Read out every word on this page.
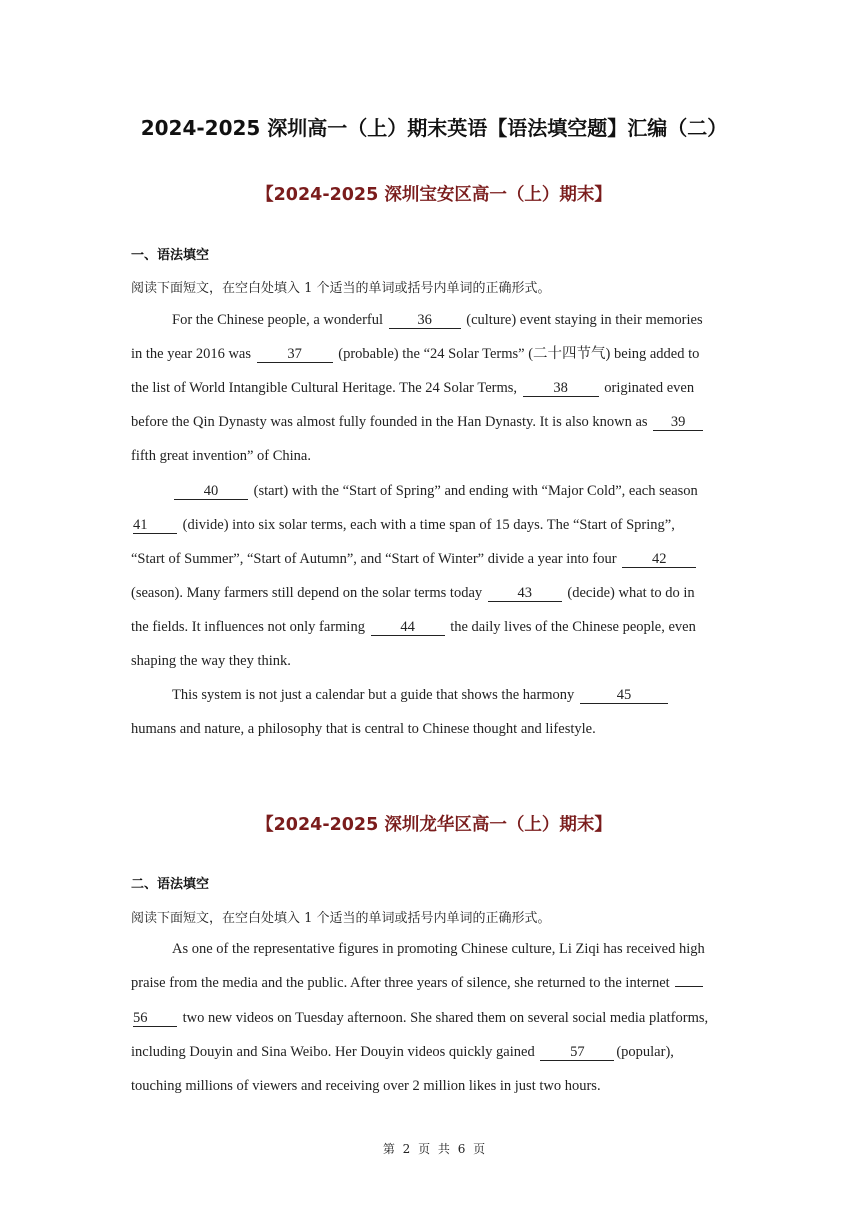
2024-2025 深圳高一（上）期末英语【语法填空题】汇编（二）
【2024-2025 深圳宝安区高一（上）期末】
一、语法填空
阅读下面短文，在空白处填入 1 个适当的单词或括号内单词的正确形式。
For the Chinese people, a wonderful 36 (culture) event staying in their memories
in the year 2016 was	37	(probable) the “24 Solar Terms” (二十四节气) being added to
the list of World Intangible Cultural Heritage. The 24 Solar Terms,	38	originated even
before the Qin Dynasty was almost fully founded in the Han Dynasty. It is also known as 39
fifth great invention” of China.
40 (start) with the “Start of Spring” and ending with “Major Cold”, each season
41 (divide) into six solar terms, each with a time span of 15 days. The “Start of Spring”,
“Start of Summer”, “Start of Autumn”, and “Start of Winter” divide a year into four 42
(season). Many farmers still depend on the solar terms today 43 (decide) what to do in
the fields. It influences not only farming 44 the daily lives of the Chinese people, even
shaping the way they think.
This system is not just a calendar but a guide that shows the harmony	45
humans and nature, a philosophy that is central to Chinese thought and lifestyle.
【2024-2025 深圳龙华区高一（上）期末】
二、语法填空
阅读下面短文，在空白处填入 1 个适当的单词或括号内单词的正确形式。
As one of the representative figures in promoting Chinese culture, Li Ziqi has received high
praise from the media and the public. After three years of silence, she returned to the internet
56 two new videos on Tuesday afternoon. She shared them on several social media platforms,
including Douyin and Sina Weibo. Her Douyin videos quickly gained 57 (popular),
touching millions of viewers and receiving over 2 million likes in just two hours.
第 2 页 共 6 页
